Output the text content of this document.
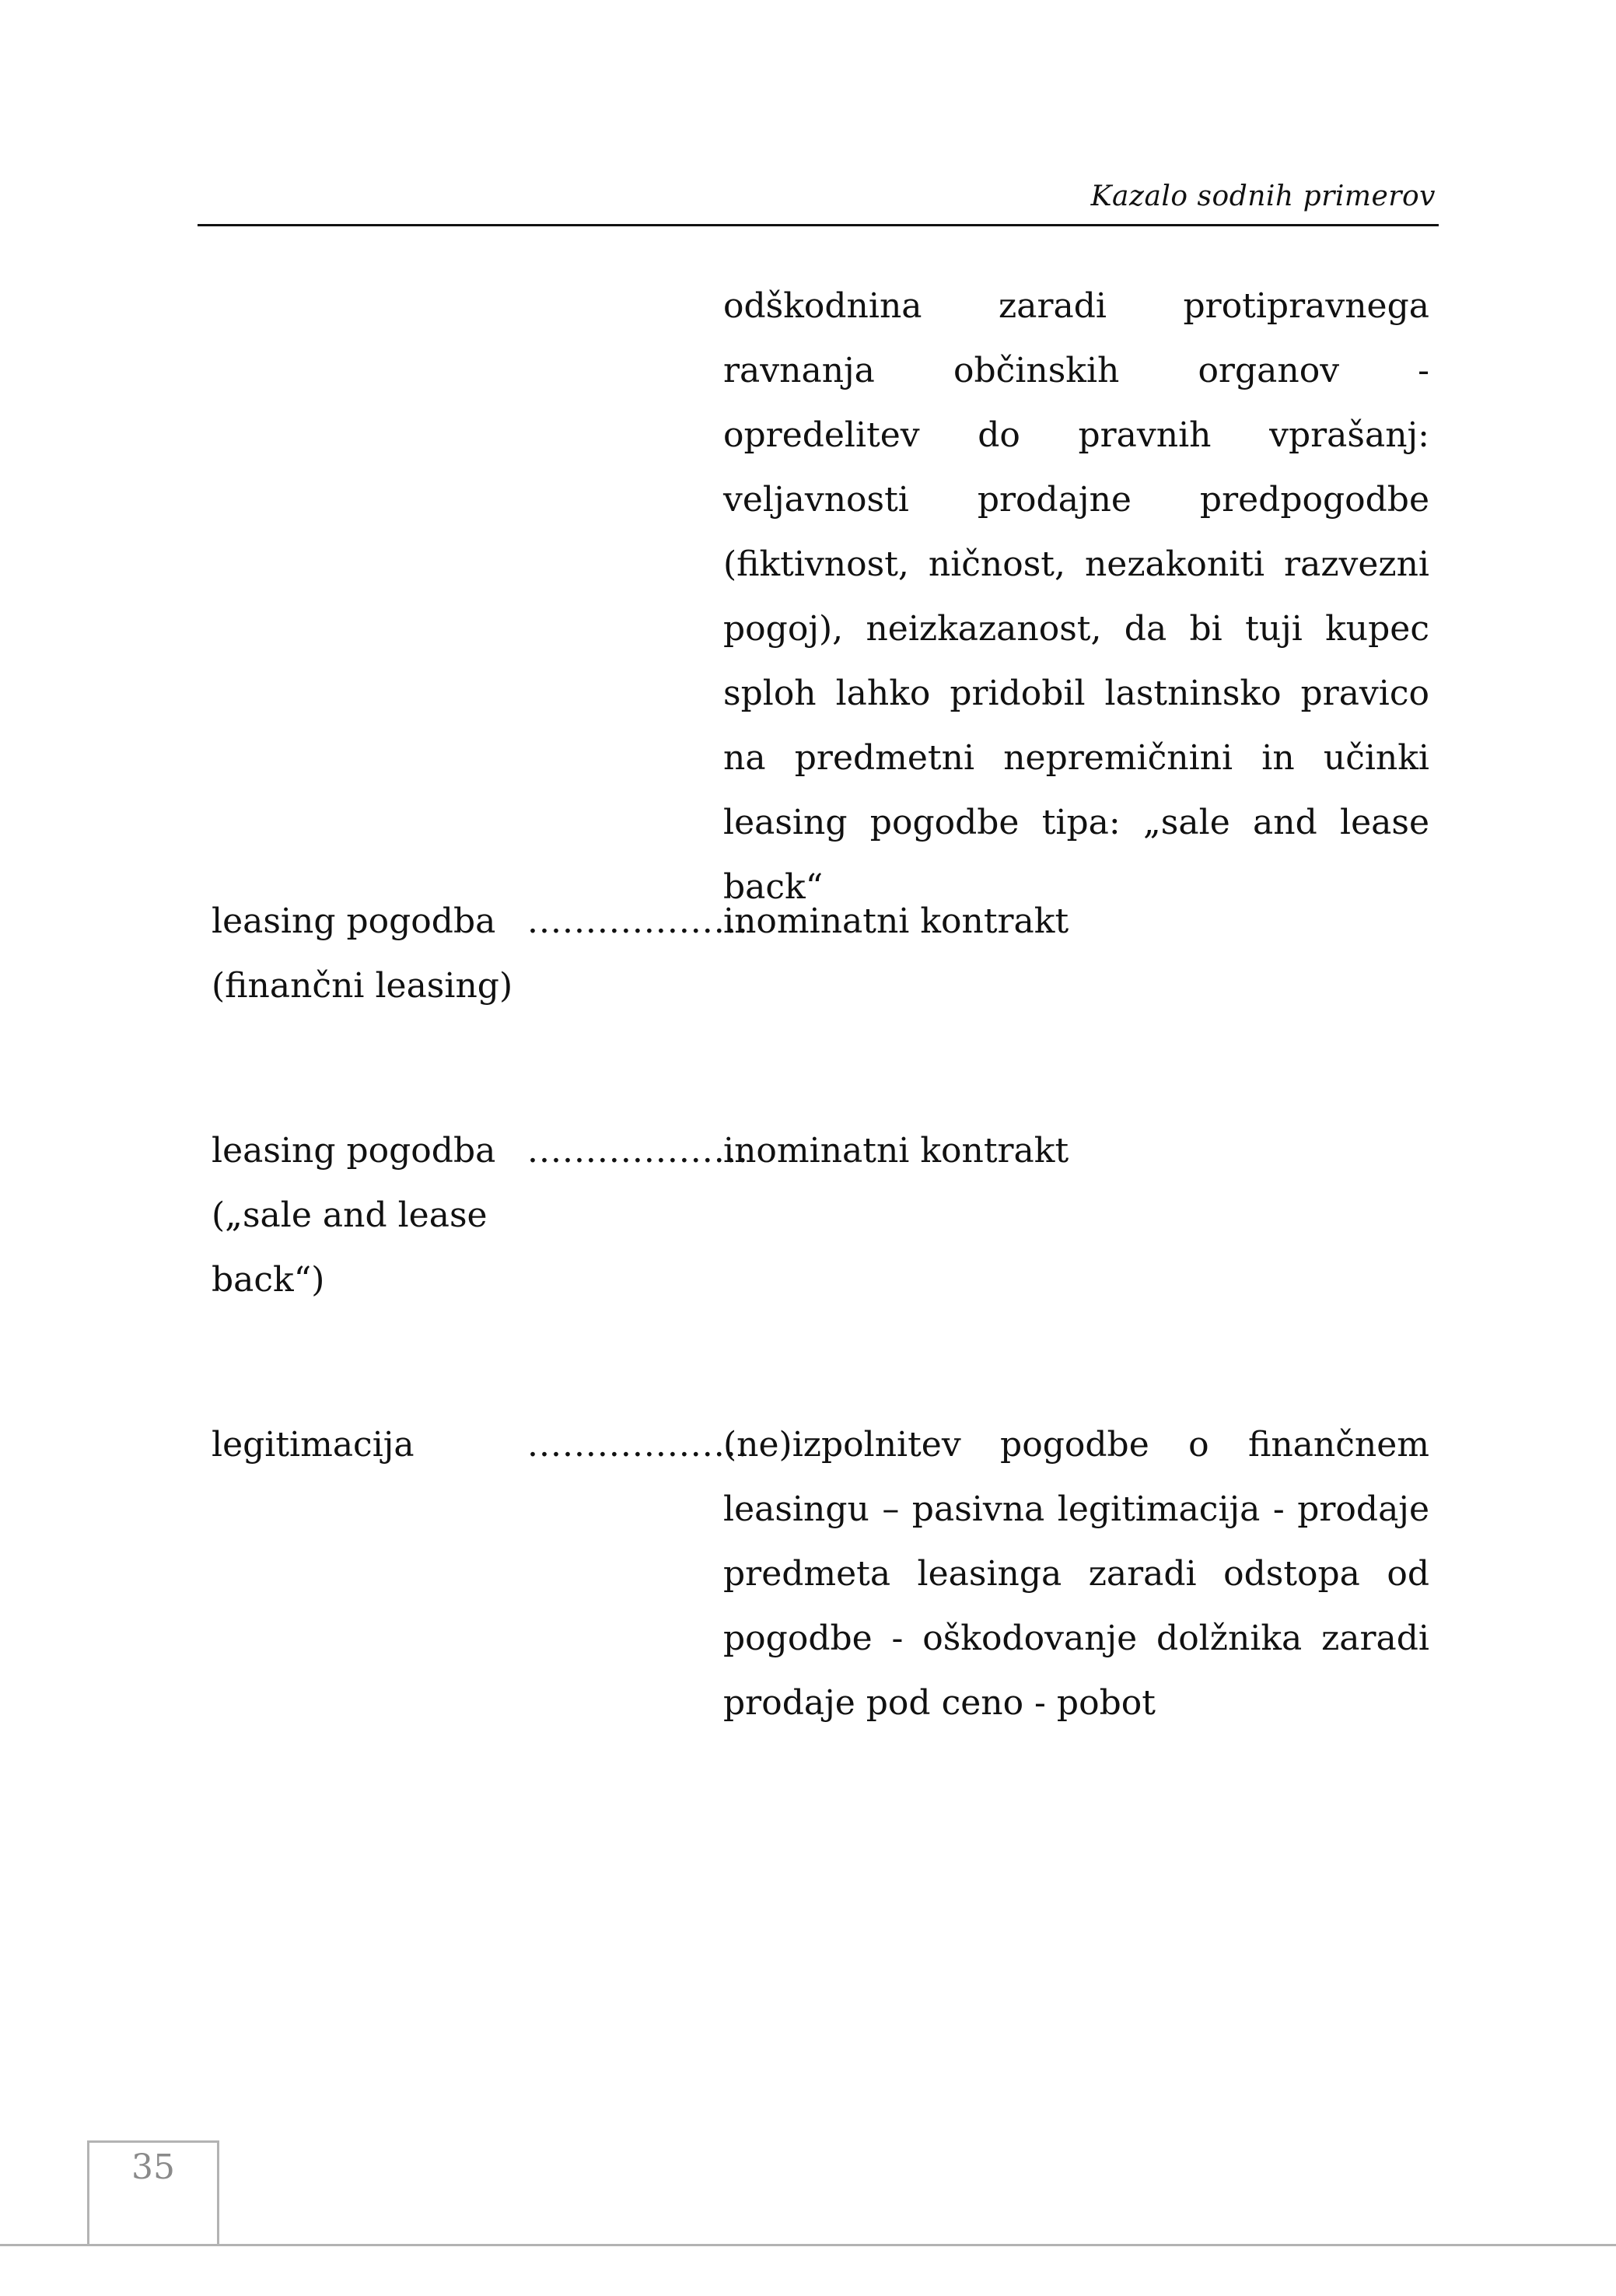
Kazalo sodnih primerov
odškodnina zaradi protipravnega ravnanja občinskih organov - opredelitev do pravnih vprašanj: veljavnosti prodajne predpogodbe (fiktivnost, ničnost, nezakoniti razvezni pogoj), neizkazanost, da bi tuji kupec sploh lahko pridobil lastninsko pravico na predmetni nepremičnini in učinki leasing pogodbe tipa: „sale and lease back“
leasing pogodba (finančni leasing)
...................
inominatni kontrakt
leasing pogodba („sale and lease back“)
...................
inominatni kontrakt
legitimacija	...................
(ne)izpolnitev pogodbe o finančnem leasingu – pasivna legitimacija - prodaje predmeta leasinga zaradi odstopa od pogodbe - oškodovanje dolžnika zaradi prodaje pod ceno - pobot
35
